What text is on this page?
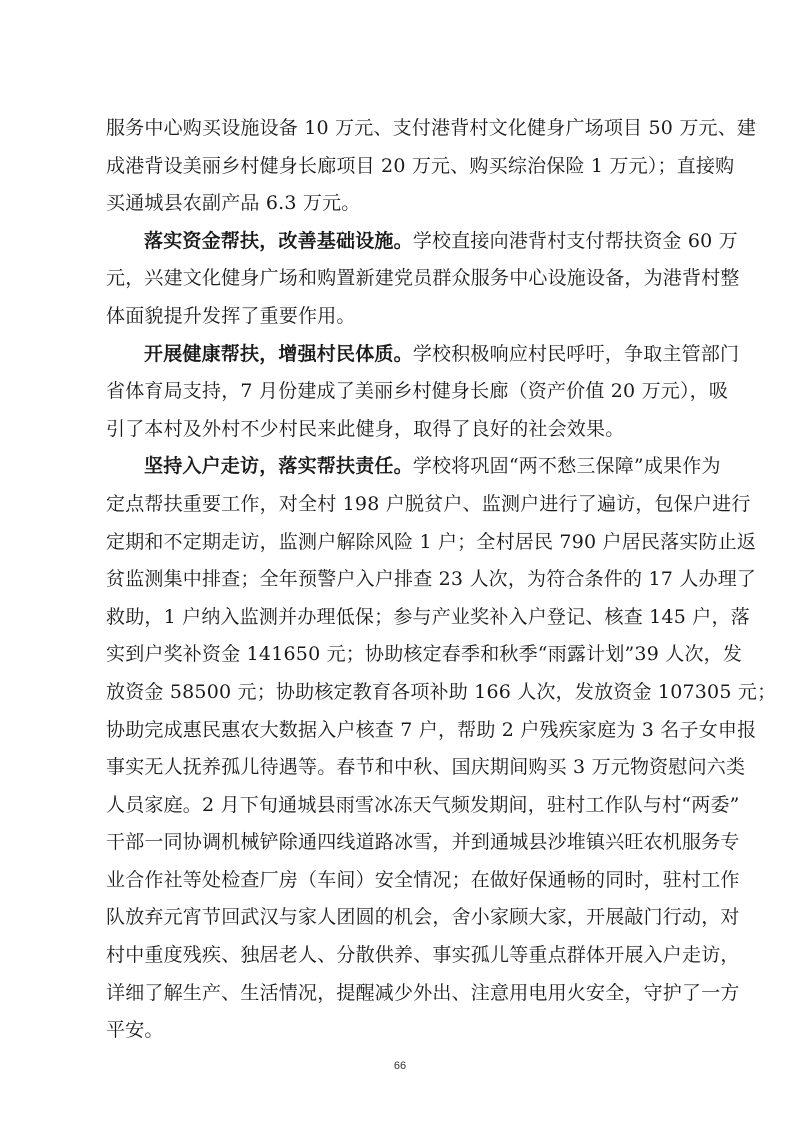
服务中心购买设施设备 10 万元、支付港背村文化健身广场项目 50 万元、建
成港背设美丽乡村健身长廊项目 20 万元、购买综治保险 1 万元）；直接购
买通城县农副产品 6.3 万元。
落实资金帮扶，改善基础设施。学校直接向港背村支付帮扶资金 60 万
元，兴建文化健身广场和购置新建党员群众服务中心设施设备，为港背村整
体面貌提升发挥了重要作用。
开展健康帮扶，增强村民体质。学校积极响应村民呼吁，争取主管部门
省体育局支持，7 月份建成了美丽乡村健身长廊（资产价值 20 万元），吸
引了本村及外村不少村民来此健身，取得了良好的社会效果。
坚持入户走访，落实帮扶责任。学校将巩固“两不愁三保障”成果作为
定点帮扶重要工作，对全村 198 户脱贫户、监测户进行了遍访，包保户进行
定期和不定期走访，监测户解除风险 1 户；全村居民 790 户居民落实防止返
贫监测集中排查；全年预警户入户排查 23 人次，为符合条件的 17 人办理了
救助，1 户纳入监测并办理低保；参与产业奖补入户登记、核查 145 户，落
实到户奖补资金 141650 元；协助核定春季和秋季“雨露计划”39 人次，发
放资金 58500 元；协助核定教育各项补助 166 人次，发放资金 107305 元；
协助完成惠民惠农大数据入户核查 7 户，帮助 2 户残疾家庭为 3 名子女申报
事实无人抚养孤儿待遇等。春节和中秋、国庆期间购买 3 万元物资慰问六类
人员家庭。2 月下旬通城县雨雪冰冻天气频发期间，驻村工作队与村“两委”
干部一同协调机械铲除通四线道路冰雪，并到通城县沙堆镇兴旺农机服务专
业合作社等处检查厂房（车间）安全情况；在做好保通畅的同时，驻村工作
队放弃元宵节回武汉与家人团圆的机会，舍小家顾大家，开展敲门行动，对
村中重度残疾、独居老人、分散供养、事实孤儿等重点群体开展入户走访，
详细了解生产、生活情况，提醒减少外出、注意用电用火安全，守护了一方
平安。
66
